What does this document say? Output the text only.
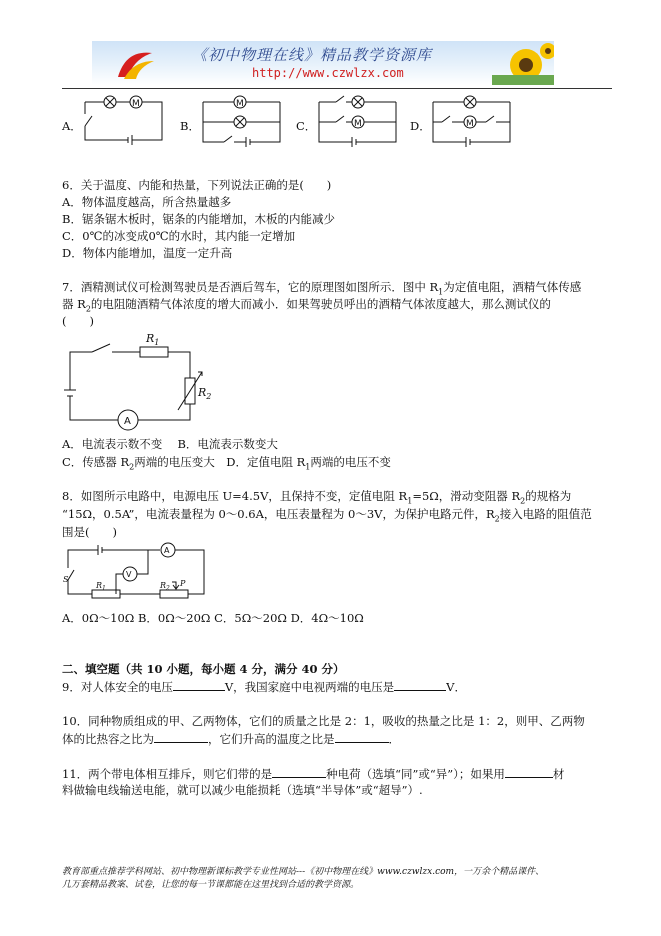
《初中物理在线》精品教学资源库
http://www.czwlzx.com
A．
M
B．
M
C．	M	D．	M
6．关于温度、内能和热量，下列说法正确的是(　　)
A．物体温度越高，所含热量越多
B．锯条锯木板时，锯条的内能增加，木板的内能减少
C．0℃的冰变成0℃的水时，其内能一定增加
D．物体内能增加，温度一定升高
7．酒精测试仪可检测驾驶员是否酒后驾车，它的原理图如图所示．图中 $R_1$为定值电阻，酒精气体传感
器 $R_2$的电阻随酒精气体浓度的增大而减小．如果驾驶员呼出的酒精气体浓度越大，那么测试仪的
(　　)
$R_1$
$R_2$
A
A．电流表示数不变　 B．电流表示数变大
C．传感器 $R_2$两端的电压变大　D．定值电阻 $R_1$两端的电压不变
8．如图所示电路中，电源电压 U=4.5V，且保持不变，定值电阻 $R_1=5\Omega$，滑动变阻器 $R_2$的规格为
“15Ω，0.5A”，电流表量程为 0～0.6A，电压表量程为 0～3V，为保护电路元件，$R_2$接入电路的阻值范
围是(　　)
S
$R_1$	$R_2$
P
A
V
A．0Ω～10Ω B．0Ω～20Ω C．5Ω～20Ω D．4Ω～10Ω
二、填空题（共 10 小题，每小题 4 分，满分 40 分）
9．对人体安全的电压	V，我国家庭中电视两端的电压是	V．
10．同种物质组成的甲、乙两物体，它们的质量之比是 2：1，吸收的热量之比是 1：2，则甲、乙两物
体的比热容之比为	，它们升高的温度之比是	．
11．两个带电体相互排斥，则它们带的是	种电荷（选填“同”或“异”）；如果用	材
料做输电线输送电能，就可以减少电能损耗（选填“半导体”或“超导”）.
教育部重点推荐学科网站、初中物理新课标教学专业性网站---《初中物理在线》www.czwlzx.com，一万余个精品课件、
几万套精品教案、试卷，让您的每一节课都能在这里找到合适的教学资源。
